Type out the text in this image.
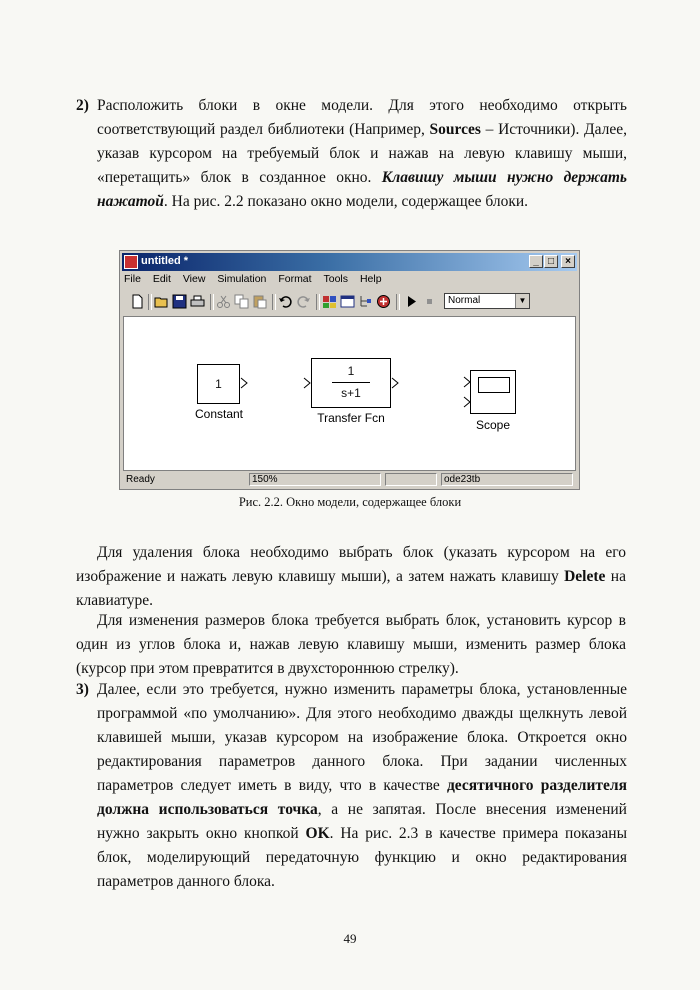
2) Расположить блоки в окне модели. Для этого необходимо открыть соответствующий раздел библиотеки (Например, Sources – Источники). Далее, указав курсором на требуемый блок и нажав на левую клавишу мыши, «перетащить» блок в созданное окно. Клавишу мыши нужно держать нажатой. На рис. 2.2 показано окно модели, содержащее блоки.
untitled *	_ □	×
File Edit View Simulation Format Tools Help
Normal	▼
1
Constant
1
s+1
Transfer Fcn	Scope
Ready	150%	ode23tb
Рис. 2.2. Окно модели, содержащее блоки
Для удаления блока необходимо выбрать блок (указать курсором на его изображение и нажать левую клавишу мыши), а затем нажать клавишу Delete на клавиатуре.
Для изменения размеров блока требуется выбрать блок, установить курсор в один из углов блока и, нажав левую клавишу мыши, изменить размер блока (курсор при этом превратится в двухстороннюю стрелку).
3) Далее, если это требуется, нужно изменить параметры блока, установленные программой «по умолчанию». Для этого необходимо дважды щелкнуть левой клавишей мыши, указав курсором на изображение блока. Откроется окно редактирования параметров данного блока. При задании численных параметров следует иметь в виду, что в качестве десятичного разделителя должна использоваться точка, а не запятая. После внесения изменений нужно закрыть окно кнопкой OK. На рис. 2.3 в качестве примера показаны блок, моделирующий передаточную функцию и окно редактирования параметров данного блока.
49
